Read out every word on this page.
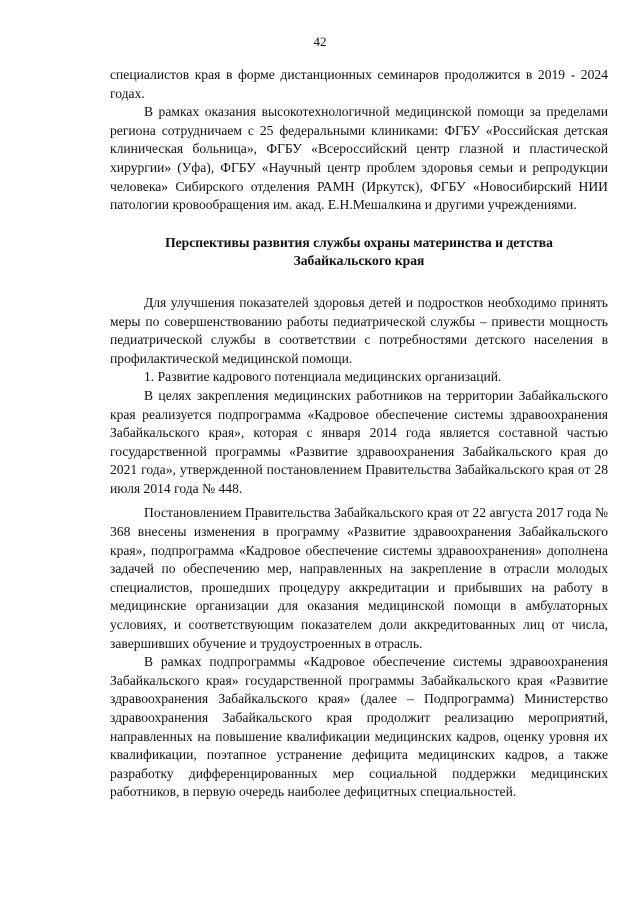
42

специалистов края в форме дистанционных семинаров продолжится в 2019 - 2024 годах.

В рамках оказания высокотехнологичной медицинской помощи за пределами региона сотрудничаем с 25 федеральными клиниками: ФГБУ «Российская детская клиническая больница», ФГБУ «Всероссийский центр глазной и пластической хирургии» (Уфа), ФГБУ «Научный центр проблем здоровья семьи и репродукции человека» Сибирского отделения РАМН (Иркутск), ФГБУ «Новосибирский НИИ патологии кровообращения им. акад. Е.Н.Мешалкина и другими учреждениями.

Перспективы развития службы охраны материнства и детства
Забайкальского края

Для улучшения показателей здоровья детей и подростков необходимо принять меры по совершенствованию работы педиатрической службы – привести мощность педиатрической службы в соответствии с потребностями детского населения в профилактической медицинской помощи.

1. Развитие кадрового потенциала медицинских организаций.

В целях закрепления медицинских работников на территории Забайкальского края реализуется подпрограмма «Кадровое обеспечение системы здравоохранения Забайкальского края», которая с января 2014 года является составной частью государственной программы «Развитие здравоохранения Забайкальского края до 2021 года», утвержденной постановлением Правительства Забайкальского края от 28 июля 2014 года № 448.

Постановлением Правительства Забайкальского края от 22 августа 2017 года № 368 внесены изменения в программу «Развитие здравоохранения Забайкальского края», подпрограмма «Кадровое обеспечение системы здравоохранения» дополнена задачей по обеспечению мер, направленных на закрепление в отрасли молодых специалистов, прошедших процедуру аккредитации и прибывших на работу в медицинские организации для оказания медицинской помощи в амбулаторных условиях, и соответствующим показателем доли аккредитованных лиц от числа, завершивших обучение и трудоустроенных в отрасль.

В рамках подпрограммы «Кадровое обеспечение системы здравоохранения Забайкальского края» государственной программы Забайкальского края «Развитие здравоохранения Забайкальского края» (далее – Подпрограмма) Министерство здравоохранения Забайкальского края продолжит реализацию мероприятий, направленных на повышение квалификации медицинских кадров, оценку уровня их квалификации, поэтапное устранение дефицита медицинских кадров, а также разработку дифференцированных мер социальной поддержки медицинских работников, в первую очередь наиболее дефицитных специальностей.
